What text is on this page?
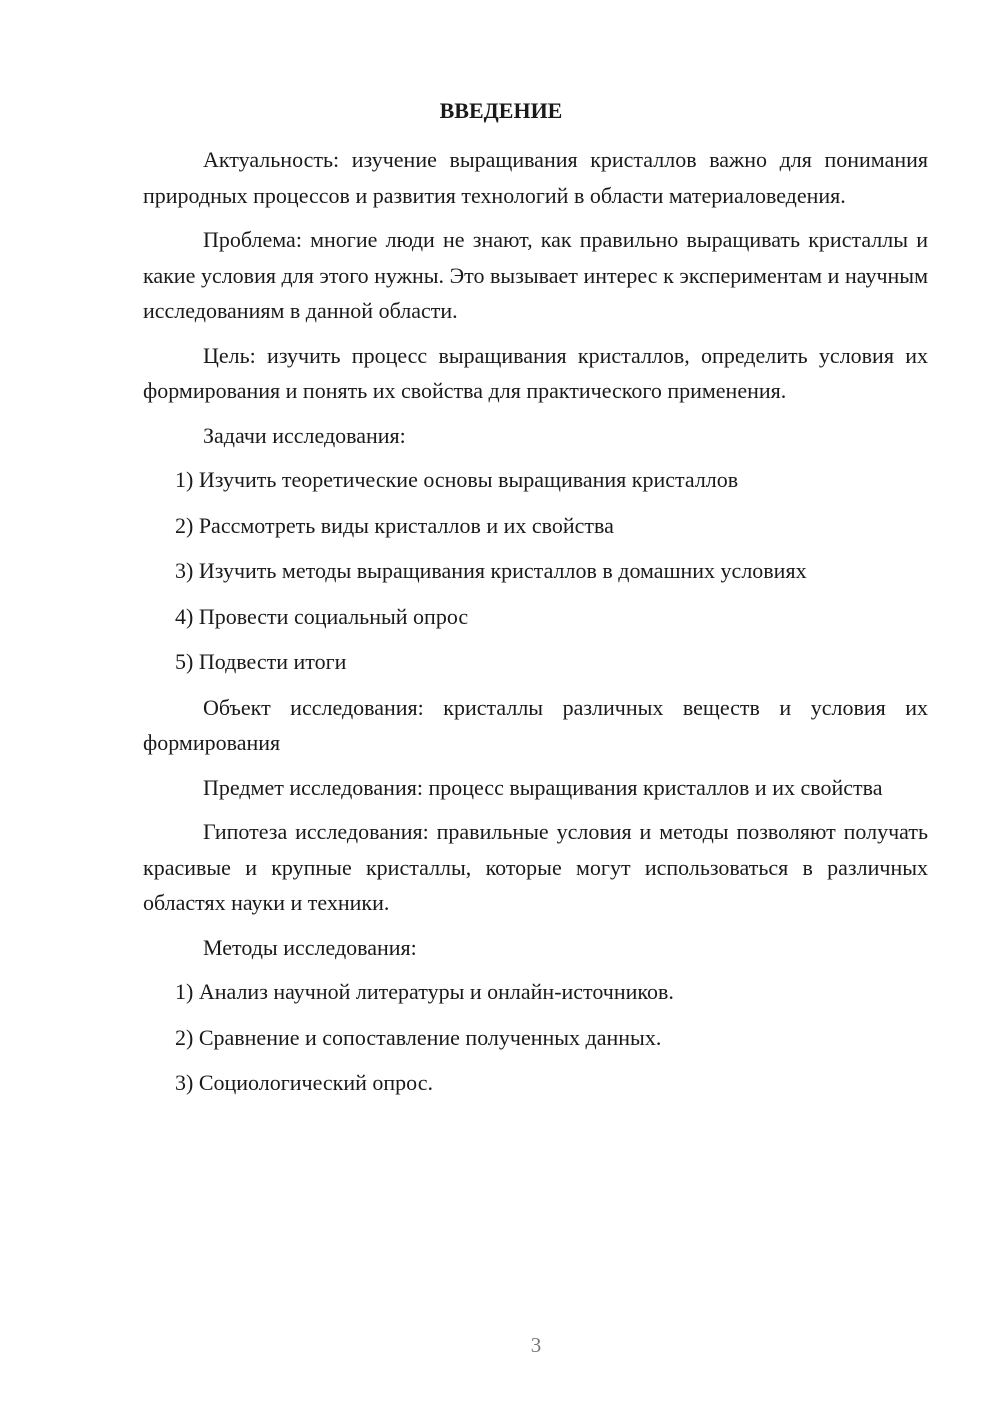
ВВЕДЕНИЕ

Актуальность: изучение выращивания кристаллов важно для понимания природных процессов и развития технологий в области материаловедения.

Проблема: многие люди не знают, как правильно выращивать кристаллы и какие условия для этого нужны. Это вызывает интерес к экспериментам и научным исследованиям в данной области.

Цель: изучить процесс выращивания кристаллов, определить условия их формирования и понять их свойства для практического применения.

Задачи исследования:

1) Изучить теоретические основы выращивания кристаллов

2) Рассмотреть виды кристаллов и их свойства

3) Изучить методы выращивания кристаллов в домашних условиях

4) Провести социальный опрос

5) Подвести итоги

Объект исследования: кристаллы различных веществ и условия их формирования

Предмет исследования: процесс выращивания кристаллов и их свойства

Гипотеза исследования: правильные условия и методы позволяют получать красивые и крупные кристаллы, которые могут использоваться в различных областях науки и техники.

Методы исследования:

1) Анализ научной литературы и онлайн-источников.

2) Сравнение и сопоставление полученных данных.

3) Социологический опрос.

3
